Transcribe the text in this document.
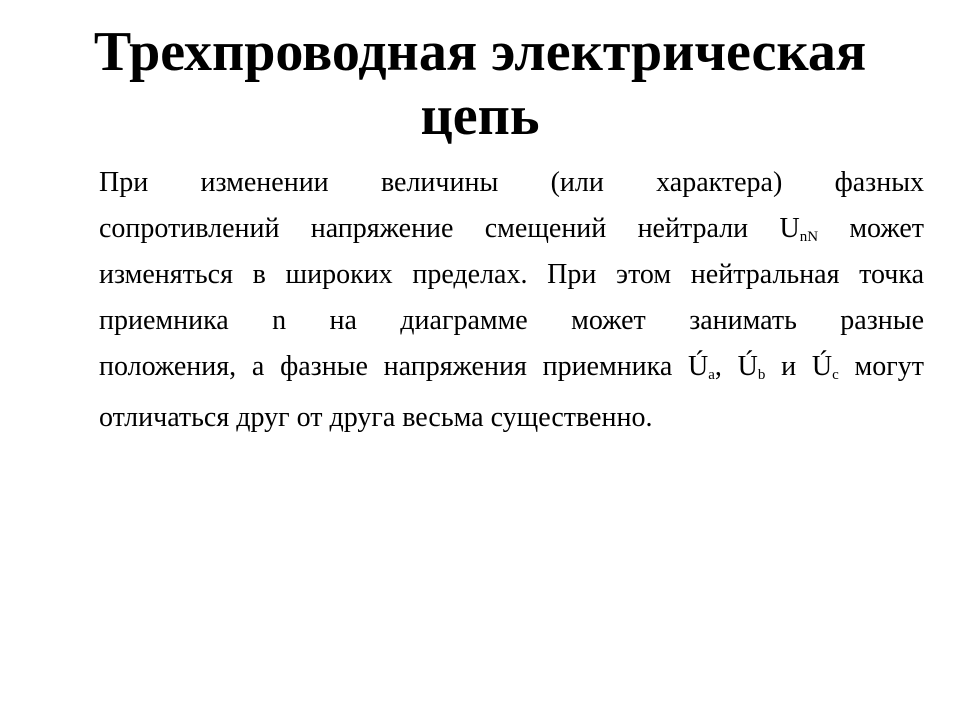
Трехпроводная электрическая цепь
При изменении величины (или характера) фазных
сопротивлений напряжение смещений нейтрали $U_{nN}$ может
изменяться в широких пределах. При этом нейтральная точка
приемника n на диаграмме может занимать разные
положения, а фазные напряжения приемника $Ú_a$, $Ú_b$ и $Ú_c$ могут
отличаться друг от друга весьма существенно.
